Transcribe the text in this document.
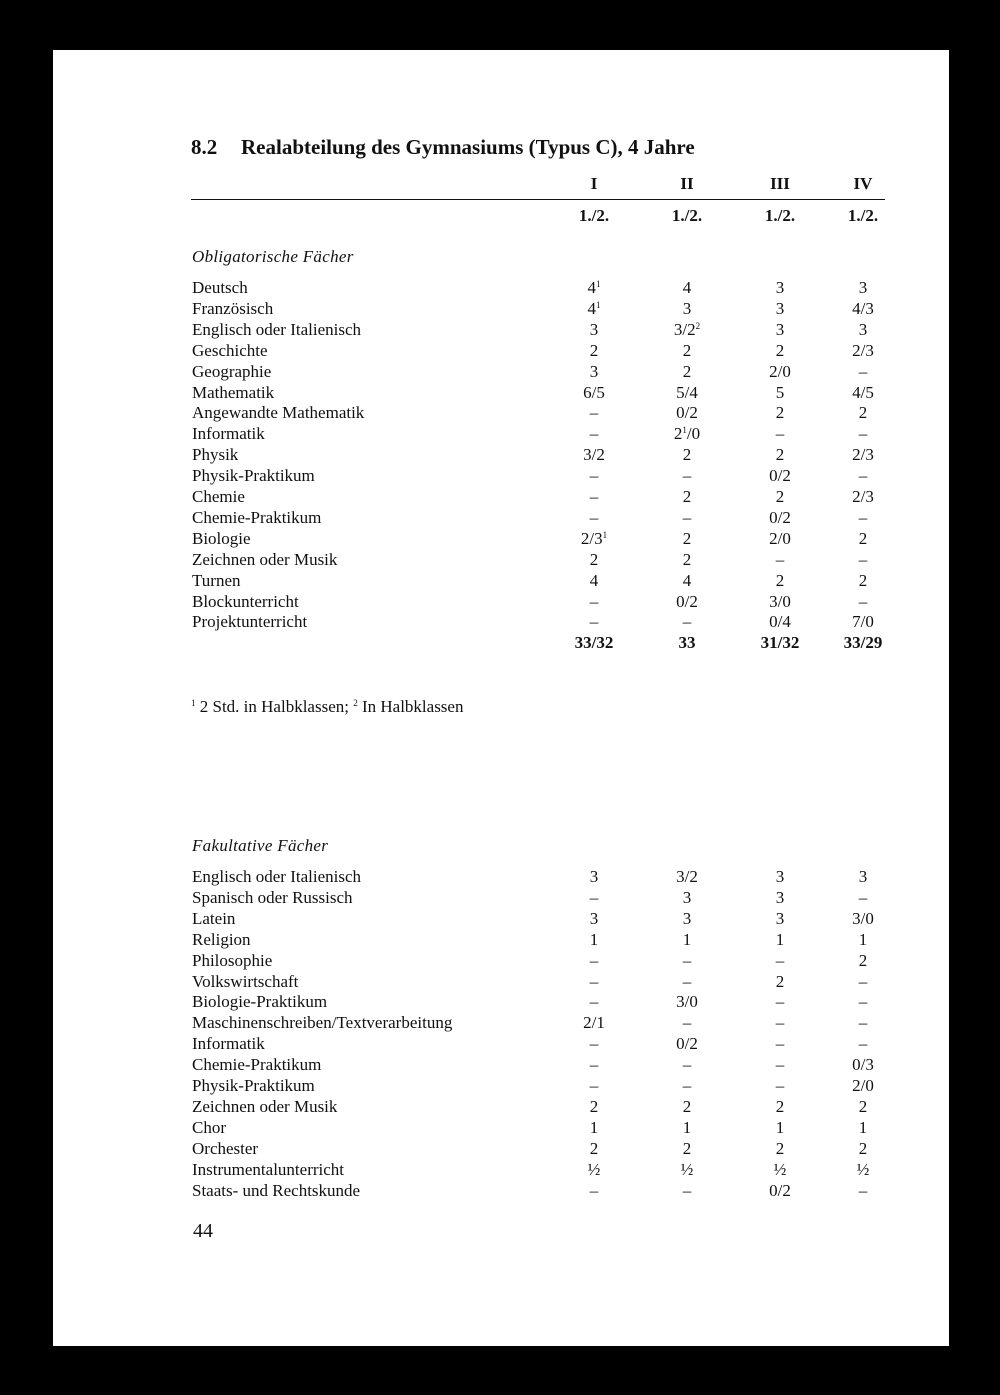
8.2 Realabteilung des Gymnasiums (Typus C), 4 Jahre
I	II	III	IV
1./2.	1./2.	1./2.	1./2.
Obligatorische Fächer
Deutsch	$4^1$	4	3	3
Französisch	$4^1$	3	3	4/3
Englisch oder Italienisch	3	$3/2^2$	3	3
Geschichte	2	2	2	2/3
Geographie	3	2	2/0	–
Mathematik	6/5	5/4	5	4/5
Angewandte Mathematik	–	0/2	2	2
Informatik	–	$2^1/0$	–	–
Physik	3/2	2	2	2/3
Physik-Praktikum	–	–	0/2	–
Chemie	–	2	2	2/3
Chemie-Praktikum	–	–	0/2	–
Biologie	$2/3^1$	2	2/0	2
Zeichnen oder Musik	2	2	–	–
Turnen	4	4	2	2
Blockunterricht	–	0/2	3/0	–
Projektunterricht	–	–	0/4	7/0
33/32	33	31/32	33/29
$^1$ 2 Std. in Halbklassen; $^2$ In Halbklassen
Fakultative Fächer
Englisch oder Italienisch	3	3/2	3	3
Spanisch oder Russisch	–	3	3	–
Latein	3	3	3	3/0
Religion	1	1	1	1
Philosophie	–	–	–	2
Volkswirtschaft	–	–	2	–
Biologie-Praktikum	–	3/0	–	–
Maschinenschreiben/Textverarbeitung	2/1	–	–	–
Informatik	–	0/2	–	–
Chemie-Praktikum	–	–	–	0/3
Physik-Praktikum	–	–	–	2/0
Zeichnen oder Musik	2	2	2	2
Chor	1	1	1	1
Orchester	2	2	2	2
Instrumentalunterricht	½	½	½	½
Staats- und Rechtskunde	–	–	0/2	–
44
